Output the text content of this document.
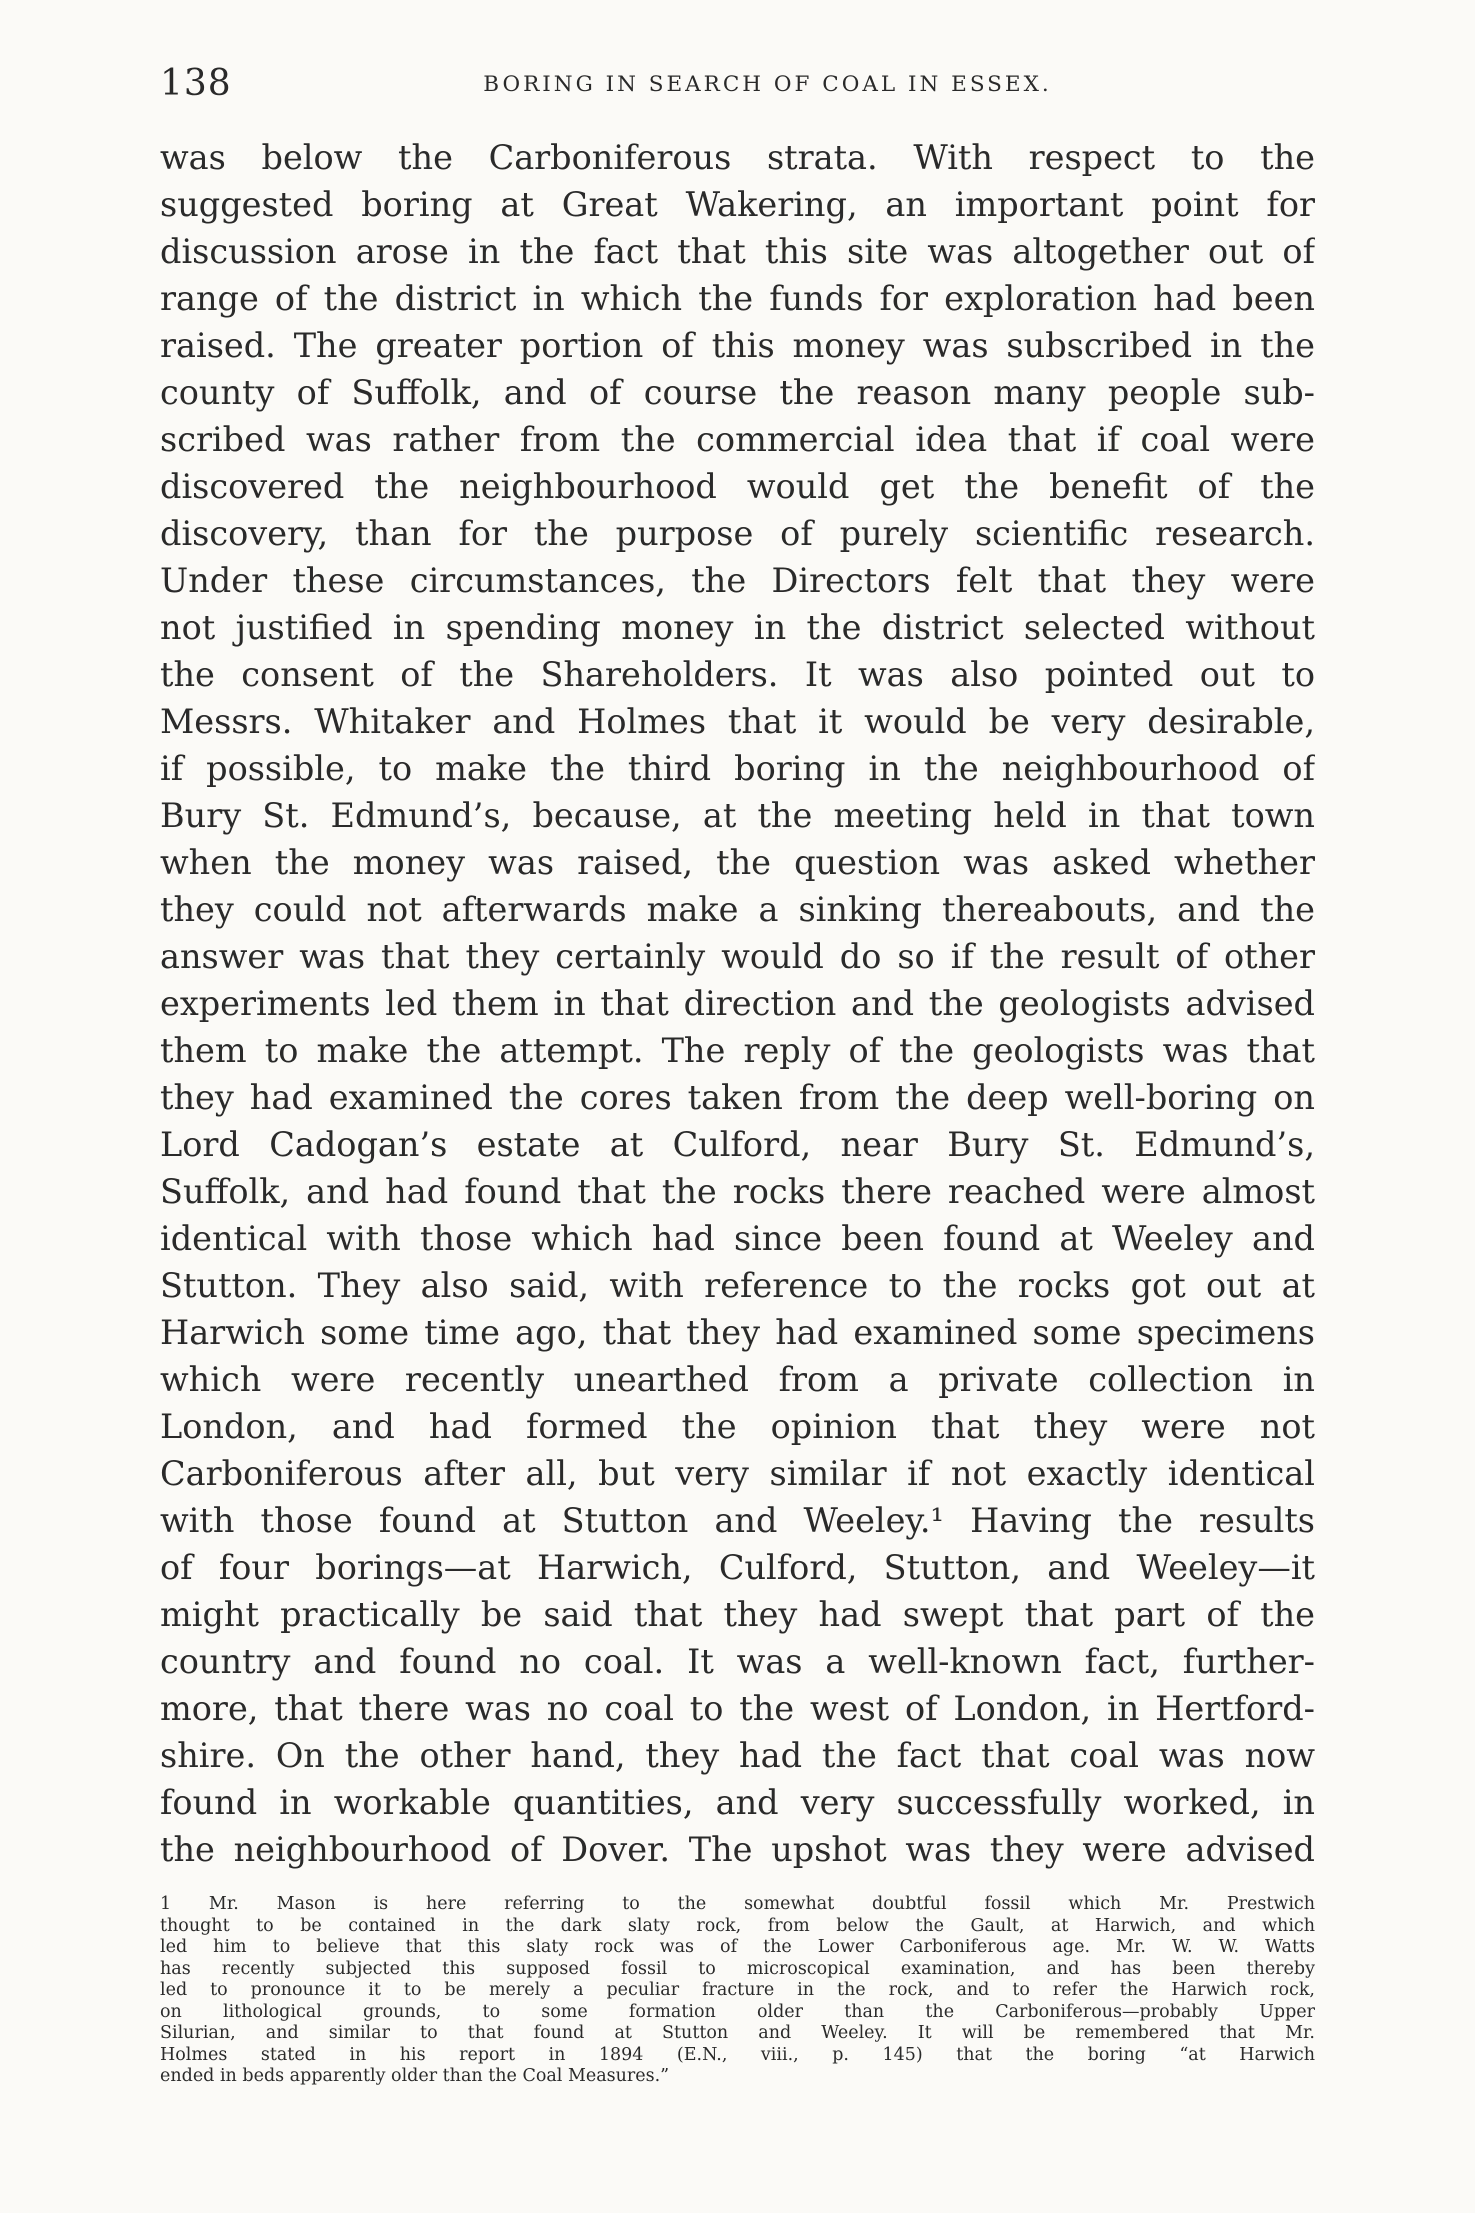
138	BORING IN SEARCH OF COAL IN ESSEX.
was below the Carboniferous strata. With respect to the
suggested boring at Great Wakering, an important point for
discussion arose in the fact that this site was altogether out of
range of the district in which the funds for exploration had been
raised. The greater portion of this money was subscribed in the
county of Suffolk, and of course the reason many people sub-
scribed was rather from the commercial idea that if coal were
discovered the neighbourhood would get the benefit of the
discovery, than for the purpose of purely scientific research.
Under these circumstances, the Directors felt that they were
not justified in spending money in the district selected without
the consent of the Shareholders. It was also pointed out to
Messrs. Whitaker and Holmes that it would be very desirable,
if possible, to make the third boring in the neighbourhood of
Bury St. Edmund’s, because, at the meeting held in that town
when the money was raised, the question was asked whether
they could not afterwards make a sinking thereabouts, and the
answer was that they certainly would do so if the result of other
experiments led them in that direction and the geologists advised
them to make the attempt. The reply of the geologists was that
they had examined the cores taken from the deep well-boring on
Lord Cadogan’s estate at Culford, near Bury St. Edmund’s,
Suffolk, and had found that the rocks there reached were almost
identical with those which had since been found at Weeley and
Stutton. They also said, with reference to the rocks got out at
Harwich some time ago, that they had examined some specimens
which were recently unearthed from a private collection in
London, and had formed the opinion that they were not
Carboniferous after all, but very similar if not exactly identical
with those found at Stutton and Weeley.¹ Having the results
of four borings—at Harwich, Culford, Stutton, and Weeley—it
might practically be said that they had swept that part of the
country and found no coal. It was a well-known fact, further-
more, that there was no coal to the west of London, in Hertford-
shire. On the other hand, they had the fact that coal was now
found in workable quantities, and very successfully worked, in
the neighbourhood of Dover. The upshot was they were advised
1 Mr. Mason is here referring to the somewhat doubtful fossil which Mr. Prestwich
thought to be contained in the dark slaty rock, from below the Gault, at Harwich, and which
led him to believe that this slaty rock was of the Lower Carboniferous age. Mr. W. W. Watts
has recently subjected this supposed fossil to microscopical examination, and has been thereby
led to pronounce it to be merely a peculiar fracture in the rock, and to refer the Harwich rock,
on lithological grounds, to some formation older than the Carboniferous—probably Upper
Silurian, and similar to that found at Stutton and Weeley. It will be remembered that Mr.
Holmes stated in his report in 1894 (E.N., viii., p. 145) that the boring “at Harwich
ended in beds apparently older than the Coal Measures.”
